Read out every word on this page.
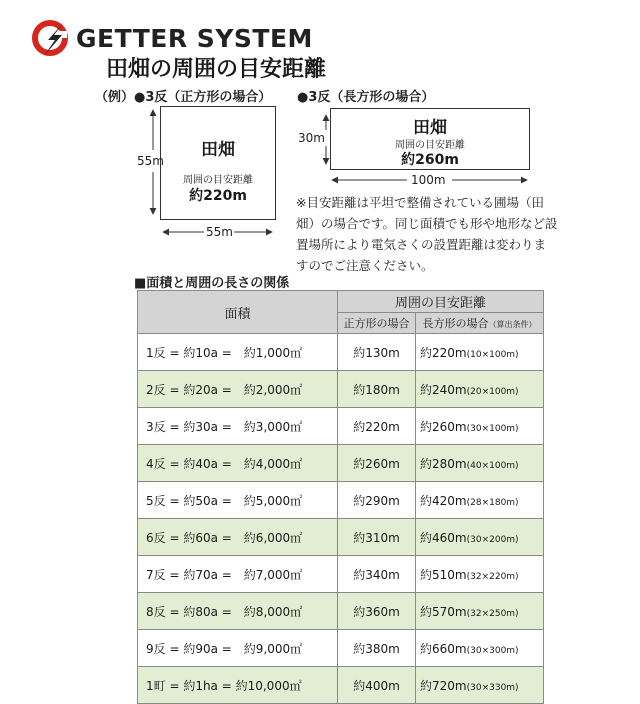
GETTER SYSTEM
田畑の周囲の目安距離
（例） ●3反（正方形の場合） ●3反（長方形の場合）
田畑
周囲の目安距離
約220m
55m
55m
田畑
周囲の目安距離
約260m
30m
100m
※目安距離は平坦で整備されている圃場（田畑）の場合です。同じ面積でも形や地形など設置場所により電気さくの設置距離は変わりますのでご注意ください。
■面積と周囲の長さの関係
面積	周囲の目安距離	
	正方形の場合	長方形の場合（算出条件）
1反 = 約10a =　約1,000㎡	約130m	約220m(10×100m)
2反 = 約20a =　約2,000㎡	約180m	約240m(20×100m)
3反 = 約30a =　約3,000㎡	約220m	約260m(30×100m)
4反 = 約40a =　約4,000㎡	約260m	約280m(40×100m)
5反 = 約50a =　約5,000㎡	約290m	約420m(28×180m)
6反 = 約60a =　約6,000㎡	約310m	約460m(30×200m)
7反 = 約70a =　約7,000㎡	約340m	約510m(32×220m)
8反 = 約80a =　約8,000㎡	約360m	約570m(32×250m)
9反 = 約90a =　約9,000㎡	約380m	約660m(30×300m)
1町 = 約1ha = 約10,000㎡	約400m	約720m(30×330m)
